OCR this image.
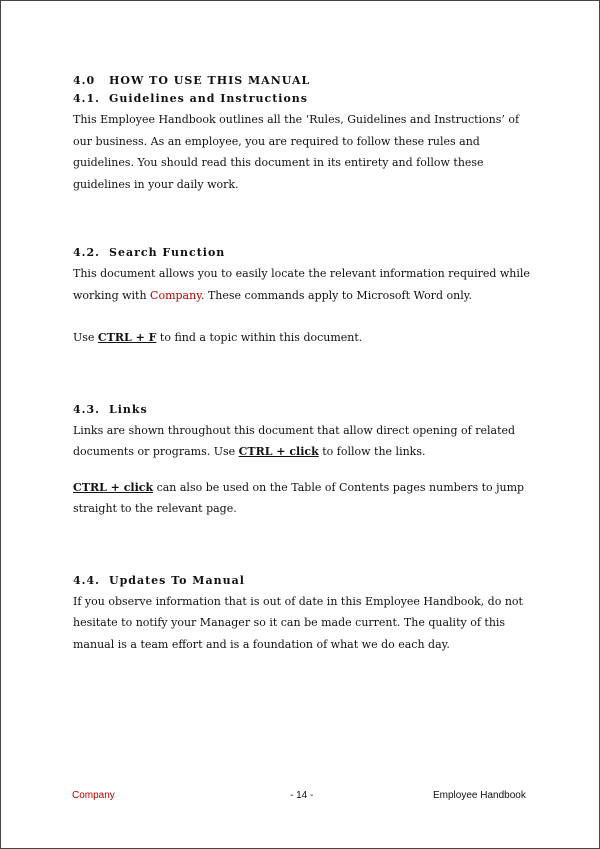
4.0 HOW TO USE THIS MANUAL
4.1. Guidelines and Instructions

This Employee Handbook outlines all the ‘Rules, Guidelines and Instructions’ of our business. As an employee, you are required to follow these rules and guidelines. You should read this document in its entirety and follow these guidelines in your daily work.

4.2. Search Function

This document allows you to easily locate the relevant information required while working with Company. These commands apply to Microsoft Word only.

Use CTRL + F to find a topic within this document.

4.3. Links

Links are shown throughout this document that allow direct opening of related documents or programs. Use CTRL + click to follow the links.

CTRL + click can also be used on the Table of Contents pages numbers to jump straight to the relevant page.

4.4. Updates To Manual

If you observe information that is out of date in this Employee Handbook, do not hesitate to notify your Manager so it can be made current. The quality of this manual is a team effort and is a foundation of what we do each day.

Company	- 14 -	Employee Handbook
